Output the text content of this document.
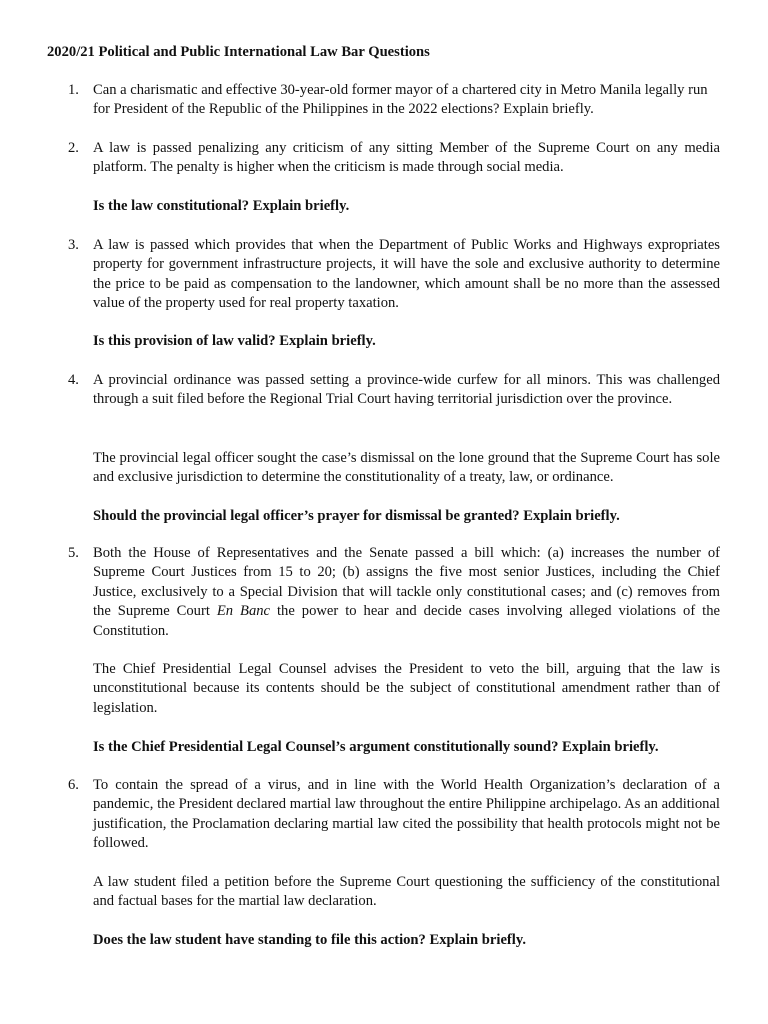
2020/21 Political and Public International Law Bar Questions
1. Can a charismatic and effective 30-year-old former mayor of a chartered city in Metro Manila legally run for President of the Republic of the Philippines in the 2022 elections? Explain briefly.

2. A law is passed penalizing any criticism of any sitting Member of the Supreme Court on any media platform. The penalty is higher when the criticism is made through social media.

Is the law constitutional? Explain briefly.

3. A law is passed which provides that when the Department of Public Works and Highways expropriates property for government infrastructure projects, it will have the sole and exclusive authority to determine the price to be paid as compensation to the landowner, which amount shall be no more than the assessed value of the property used for real property taxation.

Is this provision of law valid? Explain briefly.

4. A provincial ordinance was passed setting a province-wide curfew for all minors. This was challenged through a suit filed before the Regional Trial Court having territorial jurisdiction over the province.

The provincial legal officer sought the case’s dismissal on the lone ground that the Supreme Court has sole and exclusive jurisdiction to determine the constitutionality of a treaty, law, or ordinance.

Should the provincial legal officer’s prayer for dismissal be granted? Explain briefly.

5. Both the House of Representatives and the Senate passed a bill which: (a) increases the number of Supreme Court Justices from 15 to 20; (b) assigns the five most senior Justices, including the Chief Justice, exclusively to a Special Division that will tackle only constitutional cases; and (c) removes from the Supreme Court En Banc the power to hear and decide cases involving alleged violations of the Constitution.

The Chief Presidential Legal Counsel advises the President to veto the bill, arguing that the law is unconstitutional because its contents should be the subject of constitutional amendment rather than of legislation.

Is the Chief Presidential Legal Counsel’s argument constitutionally sound? Explain briefly.

6. To contain the spread of a virus, and in line with the World Health Organization’s declaration of a pandemic, the President declared martial law throughout the entire Philippine archipelago. As an additional justification, the Proclamation declaring martial law cited the possibility that health protocols might not be followed.

A law student filed a petition before the Supreme Court questioning the sufficiency of the constitutional and factual bases for the martial law declaration.

Does the law student have standing to file this action? Explain briefly.
